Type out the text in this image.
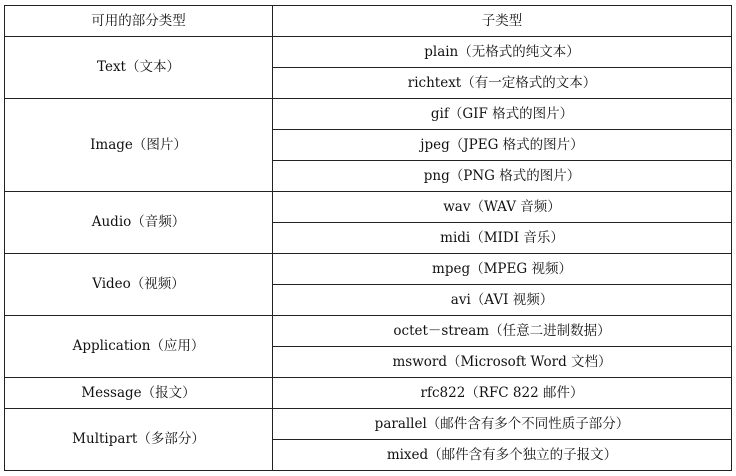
可用的部分类型	子类型
Text（文本）	plain（无格式的纯文本）
	richtext（有一定格式的文本）
Image（图片）	gif（GIF 格式的图片）
	jpeg（JPEG 格式的图片）
	png（PNG 格式的图片）
Audio（音频）	wav（WAV 音频）
	midi（MIDI 音乐）
Video（视频）	mpeg（MPEG 视频）
	avi（AVI 视频）
Application（应用）	octet－stream（任意二进制数据）
	msword（Microsoft Word 文档）
Message（报文）	rfc822（RFC 822 邮件）
Multipart（多部分）	parallel（邮件含有多个不同性质子部分）
	mixed（邮件含有多个独立的子报文）
